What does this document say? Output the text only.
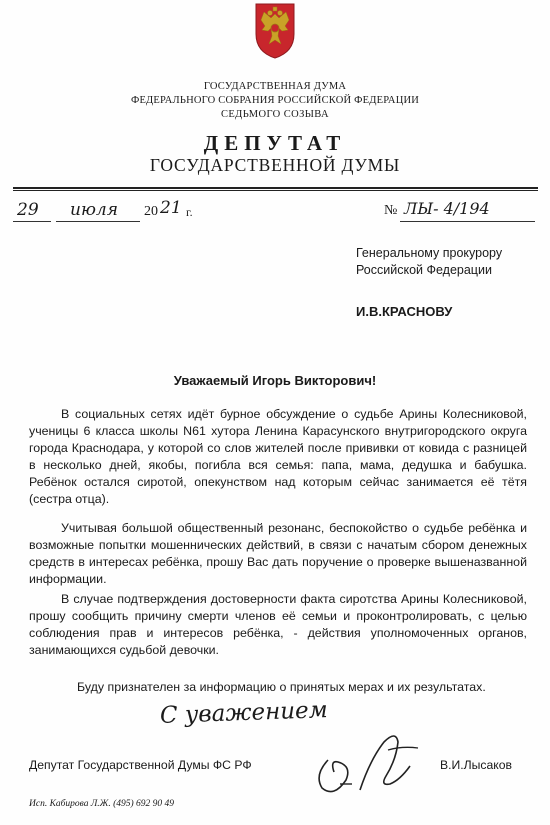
ГОСУДАРСТВЕННАЯ ДУМА
ФЕДЕРАЛЬНОГО СОБРАНИЯ РОССИЙСКОЙ ФЕДЕРАЦИИ
СЕДЬМОГО СОЗЫВА
ДЕПУТАТ
ГОСУДАРСТВЕННОЙ ДУМЫ
29 июля 20 21 г.	№ ЛЫ- 4/194
Генеральному прокурору
Российской Федерации
И.В.КРАСНОВУ
Уважаемый Игорь Викторович!

В социальных сетях идёт бурное обсуждение о судьбе Арины Колесниковой, ученицы 6 класса школы N61 хутора Ленина Карасунского внутригородского округа города Краснодара, у которой со слов жителей после прививки от ковида с разницей в несколько дней, якобы, погибла вся семья: папа, мама, дедушка и бабушка. Ребёнок остался сиротой, опекунством над которым сейчас занимается её тётя (сестра отца).

Учитывая большой общественный резонанс, беспокойство о судьбе ребёнка и возможные попытки мошеннических действий, в связи с начатым сбором денежных средств в интересах ребёнка, прошу Вас дать поручение о проверке вышеназванной информации.

В случае подтверждения достоверности факта сиротства Арины Колесниковой, прошу сообщить причину смерти членов её семьи и проконтролировать, с целью соблюдения прав и интересов ребёнка, - действия уполномоченных органов, занимающихся судьбой девочки.

Буду признателен за информацию о принятых мерах и их результатах.

С уважением
Депутат Государственной Думы ФС РФ	В.И.Лысаков
Исп. Кабирова Л.Ж. (495) 692 90 49
